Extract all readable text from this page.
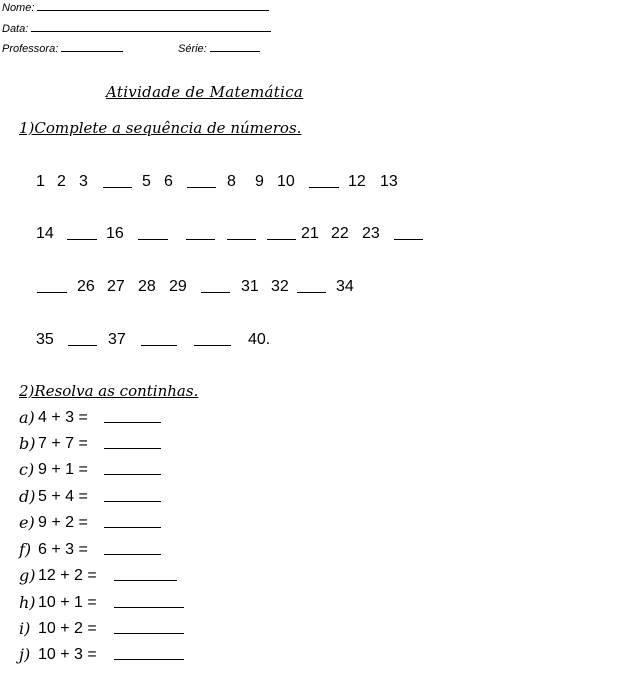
Nome:
Data:
Professora:	Série:
Atividade de Matemática
1)Complete a sequência de números.
1 2 3	5 6	8 9 10	12 13
14	16	21 22 23
26 27 28 29	31 32	34
35	37	40.
2)Resolva as continhas.
a) 4 + 3 =
b) 7 + 7 =
c) 9 + 1 =
d) 5 + 4 =
e) 9 + 2 =
f) 6 + 3 =
g) 12 + 2 =
h) 10 + 1 =
i) 10 + 2 =
j) 10 + 3 =
